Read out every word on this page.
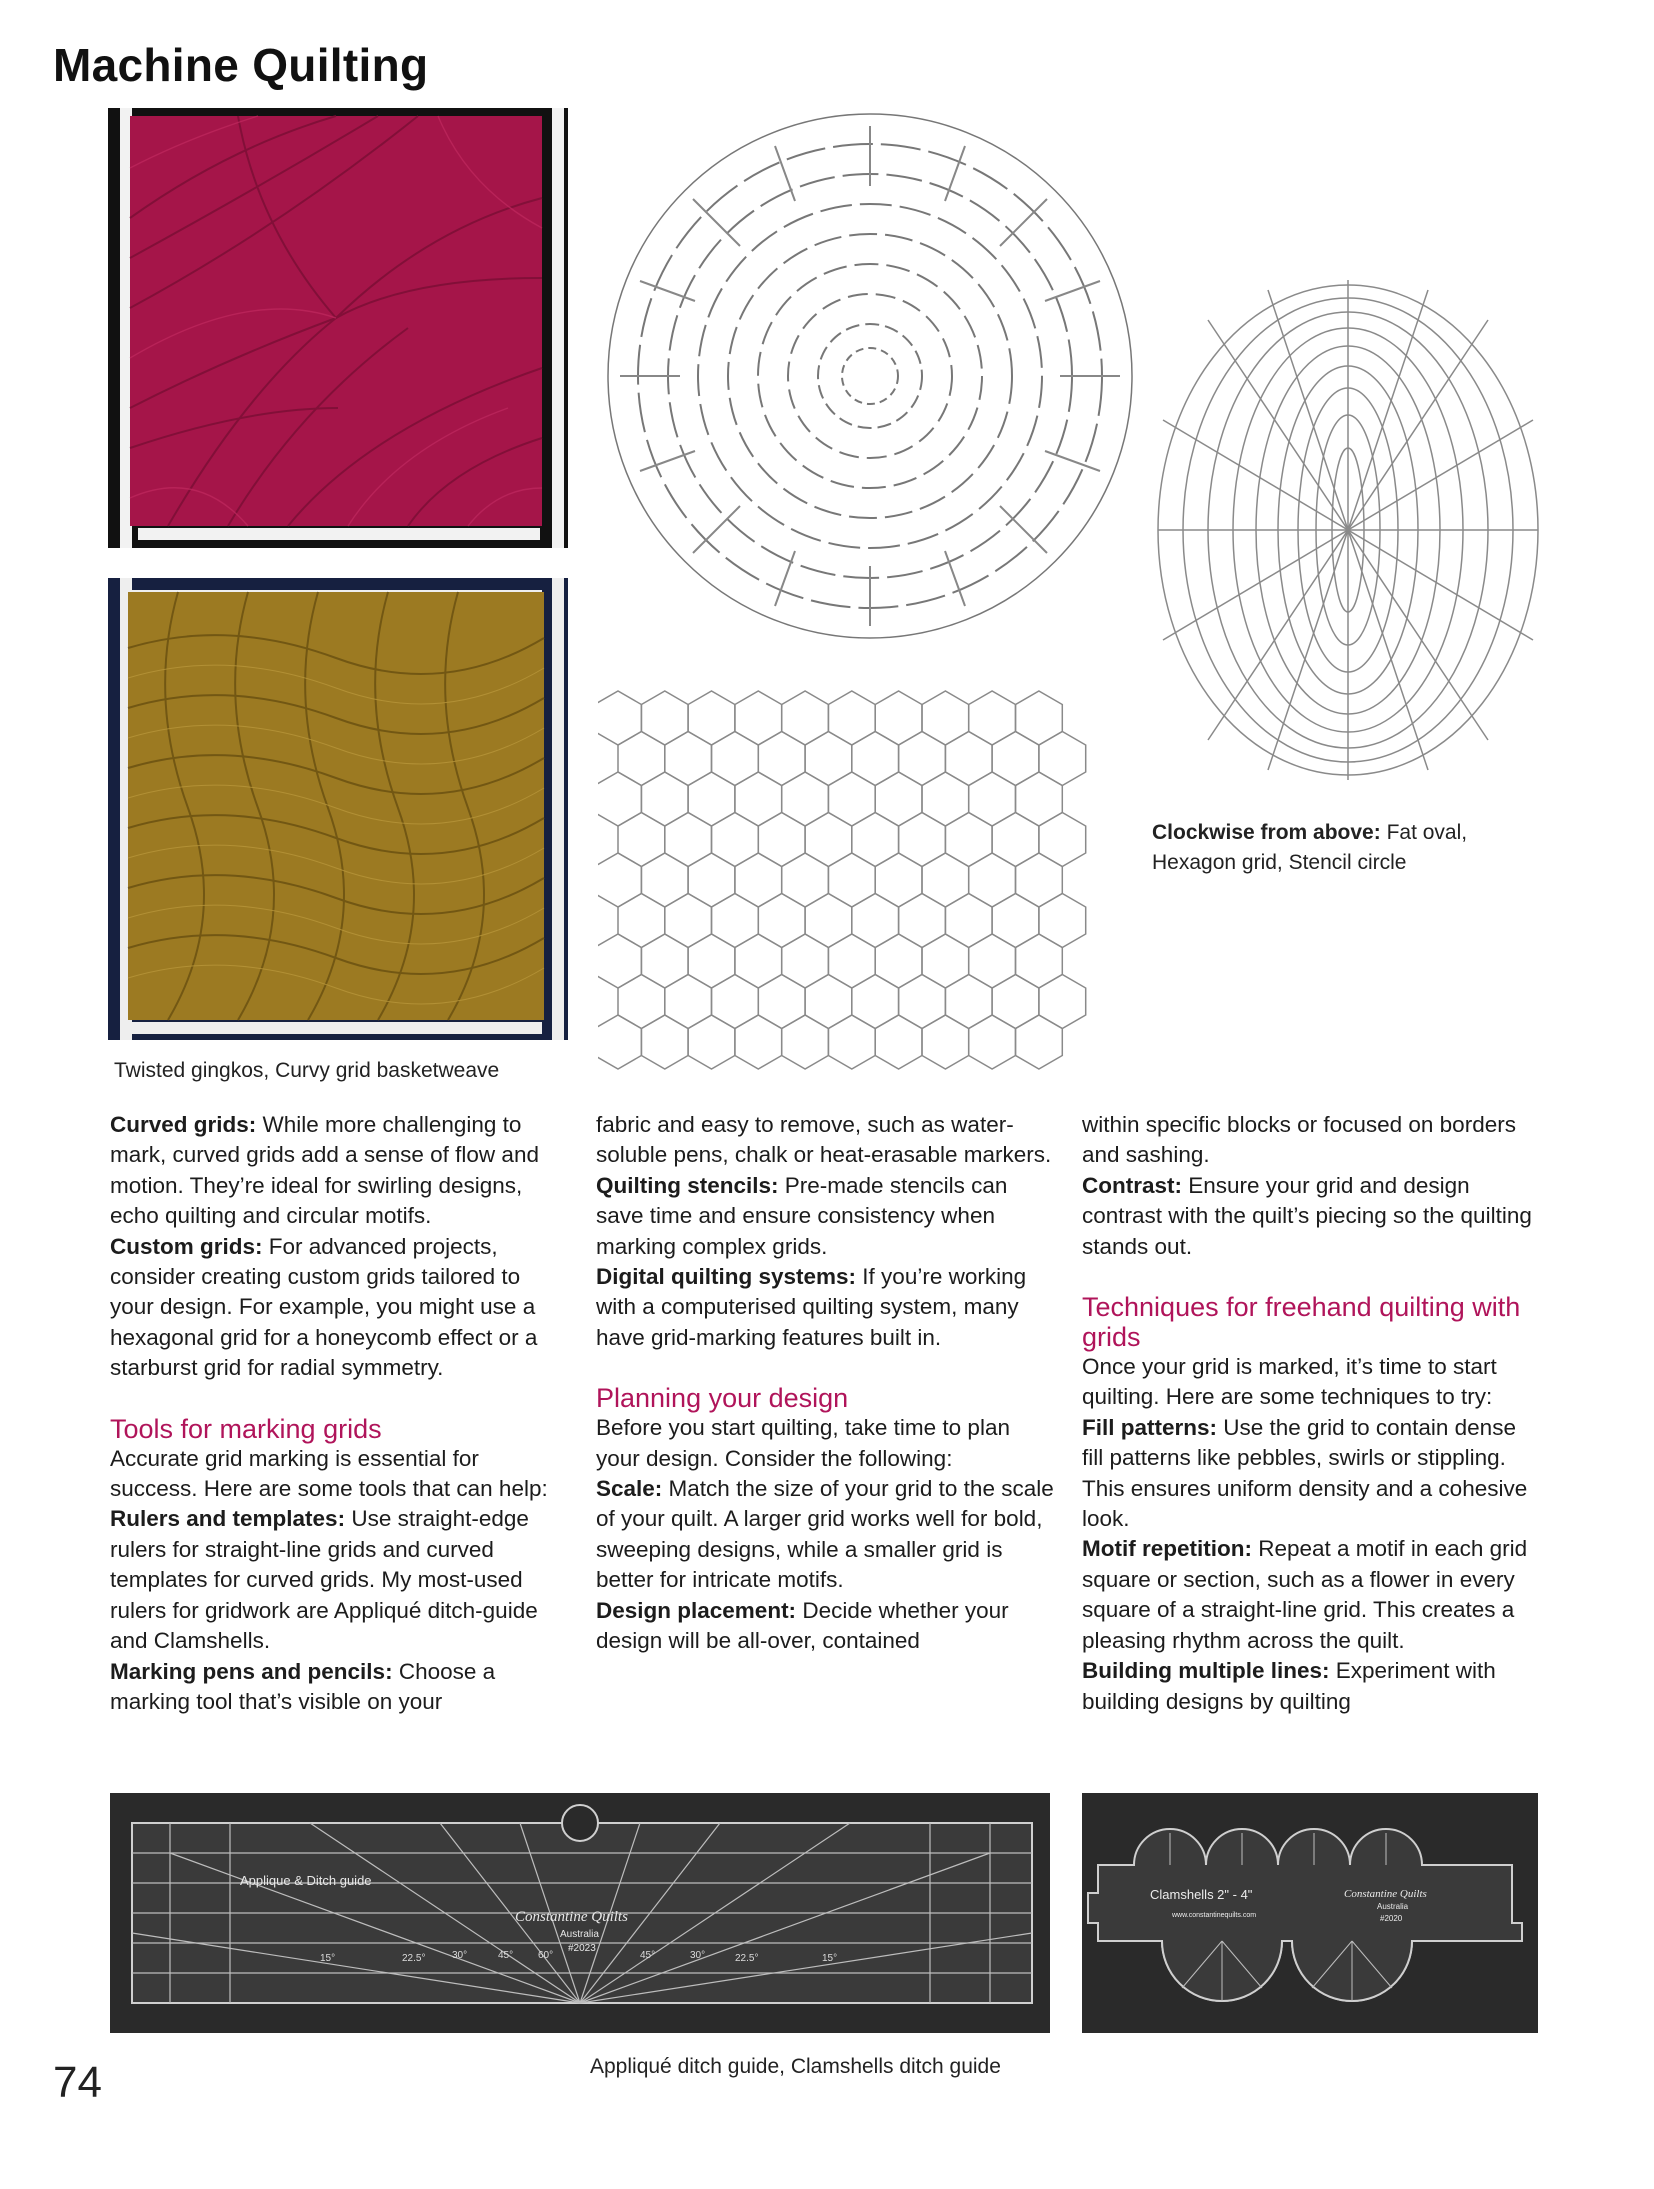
Machine Quilting
Twisted gingkos, Curvy grid basketweave
Clockwise from above: Fat oval, Hexagon grid, Stencil circle

Curved grids: While more challenging to mark, curved grids add a sense of flow and motion. They’re ideal for swirling designs, echo quilting and circular motifs.

Custom grids: For advanced projects, consider creating custom grids tailored to your design. For example, you might use a hexagonal grid for a honeycomb effect or a starburst grid for radial symmetry.

Tools for marking grids

Accurate grid marking is essential for success. Here are some tools that can help:

Rulers and templates: Use straight-edge rulers for straight-line grids and curved templates for curved grids. My most-used rulers for gridwork are Appliqué ditch-guide and Clamshells.

Marking pens and pencils: Choose a marking tool that’s visible on your

fabric and easy to remove, such as water-soluble pens, chalk or heat-erasable markers.

Quilting stencils: Pre-made stencils can save time and ensure consistency when marking complex grids.

Digital quilting systems: If you’re working with a computerised quilting system, many have grid-marking features built in.

Planning your design

Before you start quilting, take time to plan your design. Consider the following:

Scale: Match the size of your grid to the scale of your quilt. A larger grid works well for bold, sweeping designs, while a smaller grid is better for intricate motifs.

Design placement: Decide whether your design will be all-over, contained

within specific blocks or focused on borders and sashing.

Contrast: Ensure your grid and design contrast with the quilt’s piecing so the quilting stands out.

Techniques for freehand quilting with grids

Once your grid is marked, it’s time to start quilting. Here are some techniques to try:

Fill patterns: Use the grid to contain dense fill patterns like pebbles, swirls or stippling. This ensures uniform density and a cohesive look.

Motif repetition: Repeat a motif in each grid square or section, such as a flower in every square of a straight-line grid. This creates a pleasing rhythm across the quilt.

Building multiple lines: Experiment with building designs by quilting

Applique & Ditch guide
Constantine Quilts
Australia
#2023
15°	22.5°	30°	45° 60°	45°	30°	22.5°	15°
Clamshells 2" - 4"	Constantine Quilts
Australia
www.constantinequilts.com	#2020
Appliqué ditch guide, Clamshells ditch guide
74
